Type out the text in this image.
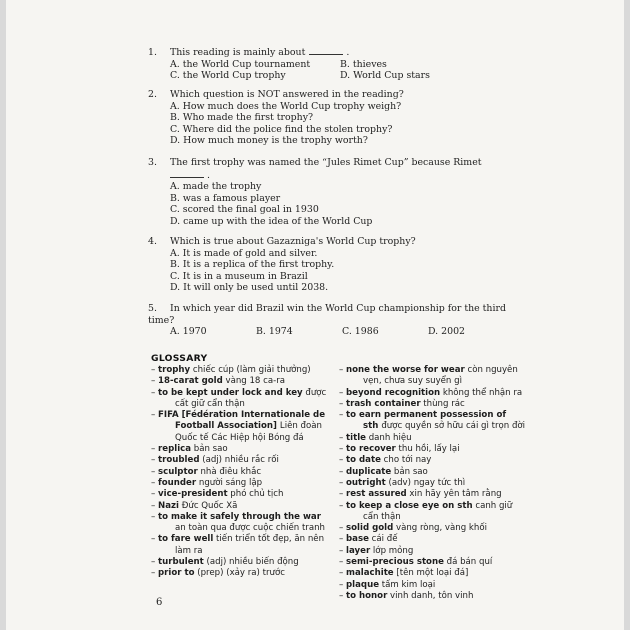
1. This reading is mainly about	.
A. the World Cup tournament	B. thieves
C. the World Cup trophy	D. World Cup stars
2. Which question is NOT answered in the reading?
A. How much does the World Cup trophy weigh?
B. Who made the first trophy?
C. Where did the police find the stolen trophy?
D. How much money is the trophy worth?
3. The first trophy was named the “Jules Rimet Cup” because Rimet
.
A. made the trophy
B. was a famous player
C. scored the final goal in 1930
D. came up with the idea of the World Cup
4. Which is true about Gazaznіga's World Cup trophy?
A. It is made of gold and silver.
B. It is a replica of the first trophy.
C. It is in a museum in Brazil
D. It will only be used until 2038.
5. In which year did Brazil win the World Cup championship for the third time?
A. 1970	B. 1974	C. 1986	D. 2002
GLOSSARY
– trophy chiếc cúp (làm giải thưởng)
– 18-carat gold vàng 18 ca-ra
– to be kept under lock and key được
cất giữ cẩn thận
– FIFA [Fédération Internationale de
Football Association] Liên đoàn
Quốc tế Các Hiệp hội Bóng đá
– replica bản sao
– troubled (adj) nhiều rắc rối
– sculptor nhà điêu khắc
– founder người sáng lập
– vice-president phó chủ tịch
– Nazi Đức Quốc Xã
– to make it safely through the war
an toàn qua được cuộc chiến tranh
– to fare well tiến triển tốt đẹp, ăn nên
làm ra
– turbulent (adj) nhiều biến động
– prior to (prep) (xảy ra) trước
– none the worse for wear còn nguyên
vẹn, chưa suy suyển gì
– beyond recognition không thể nhận ra
– trash container thùng rác
– to earn permanent possession of
sth được quyền sở hữu cái gì trọn đời
– title danh hiệu
– to recover thu hồi, lấy lại
– to date cho tới nay
– duplicate bản sao
– outright (adv) ngay tức thì
– rest assured xin hãy yên tâm rằng
– to keep a close eye on sth canh giữ
cẩn thận
– solid gold vàng ròng, vàng khối
– base cái đế
– layer lớp mỏng
– semi-precious stone đá bán quí
– malachite [tên một loại đá]
– plaque tấm kim loại
– to honor vinh danh, tôn vinh
6
